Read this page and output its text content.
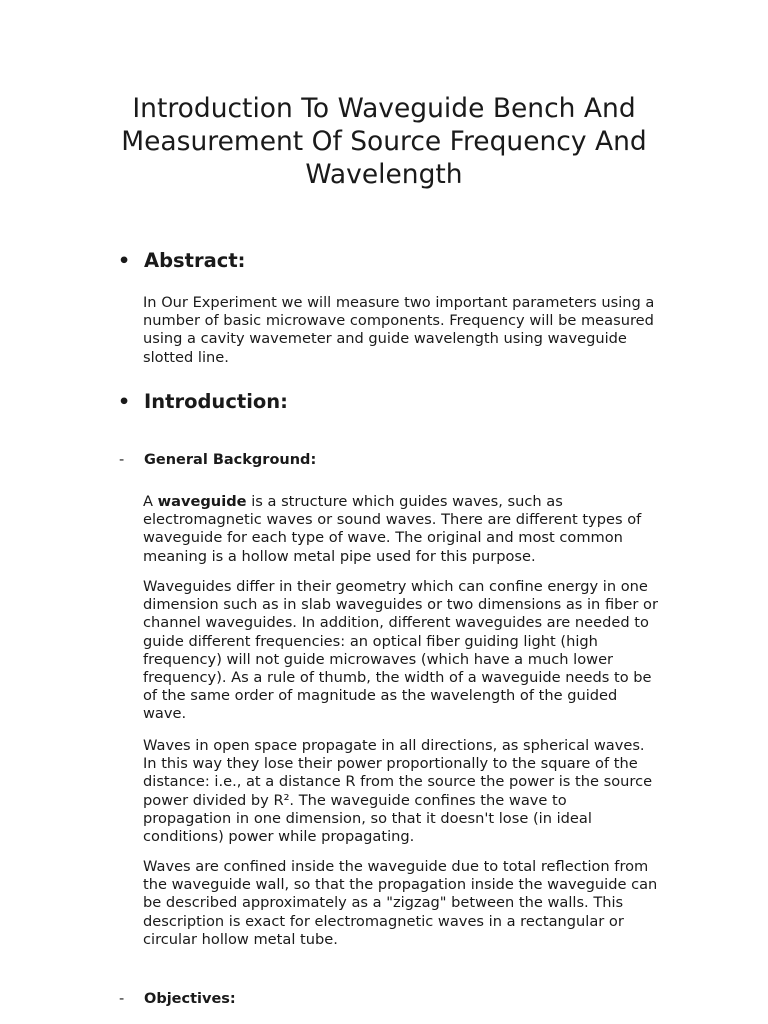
Introduction To Waveguide Bench And Measurement Of Source Frequency And Wavelength
• Abstract:

In Our Experiment we will measure two important parameters using a number of basic microwave components. Frequency will be measured using a cavity wavemeter and guide wavelength using waveguide slotted line.

• Introduction:
- General Background:

A waveguide is a structure which guides waves, such as electromagnetic waves or sound waves. There are different types of waveguide for each type of wave. The original and most common meaning is a hollow metal pipe used for this purpose.

Waveguides differ in their geometry which can confine energy in one dimension such as in slab waveguides or two dimensions as in fiber or channel waveguides. In addition, different waveguides are needed to guide different frequencies: an optical fiber guiding light (high frequency) will not guide microwaves (which have a much lower frequency). As a rule of thumb, the width of a waveguide needs to be of the same order of magnitude as the wavelength of the guided wave.

Waves in open space propagate in all directions, as spherical waves. In this way they lose their power proportionally to the square of the distance: i.e., at a distance R from the source the power is the source power divided by R². The waveguide confines the wave to propagation in one dimension, so that it doesn't lose (in ideal conditions) power while propagating.

Waves are confined inside the waveguide due to total reflection from the waveguide wall, so that the propagation inside the waveguide can be described approximately as a "zigzag" between the walls. This description is exact for electromagnetic waves in a rectangular or circular hollow metal tube.

- Objectives:
